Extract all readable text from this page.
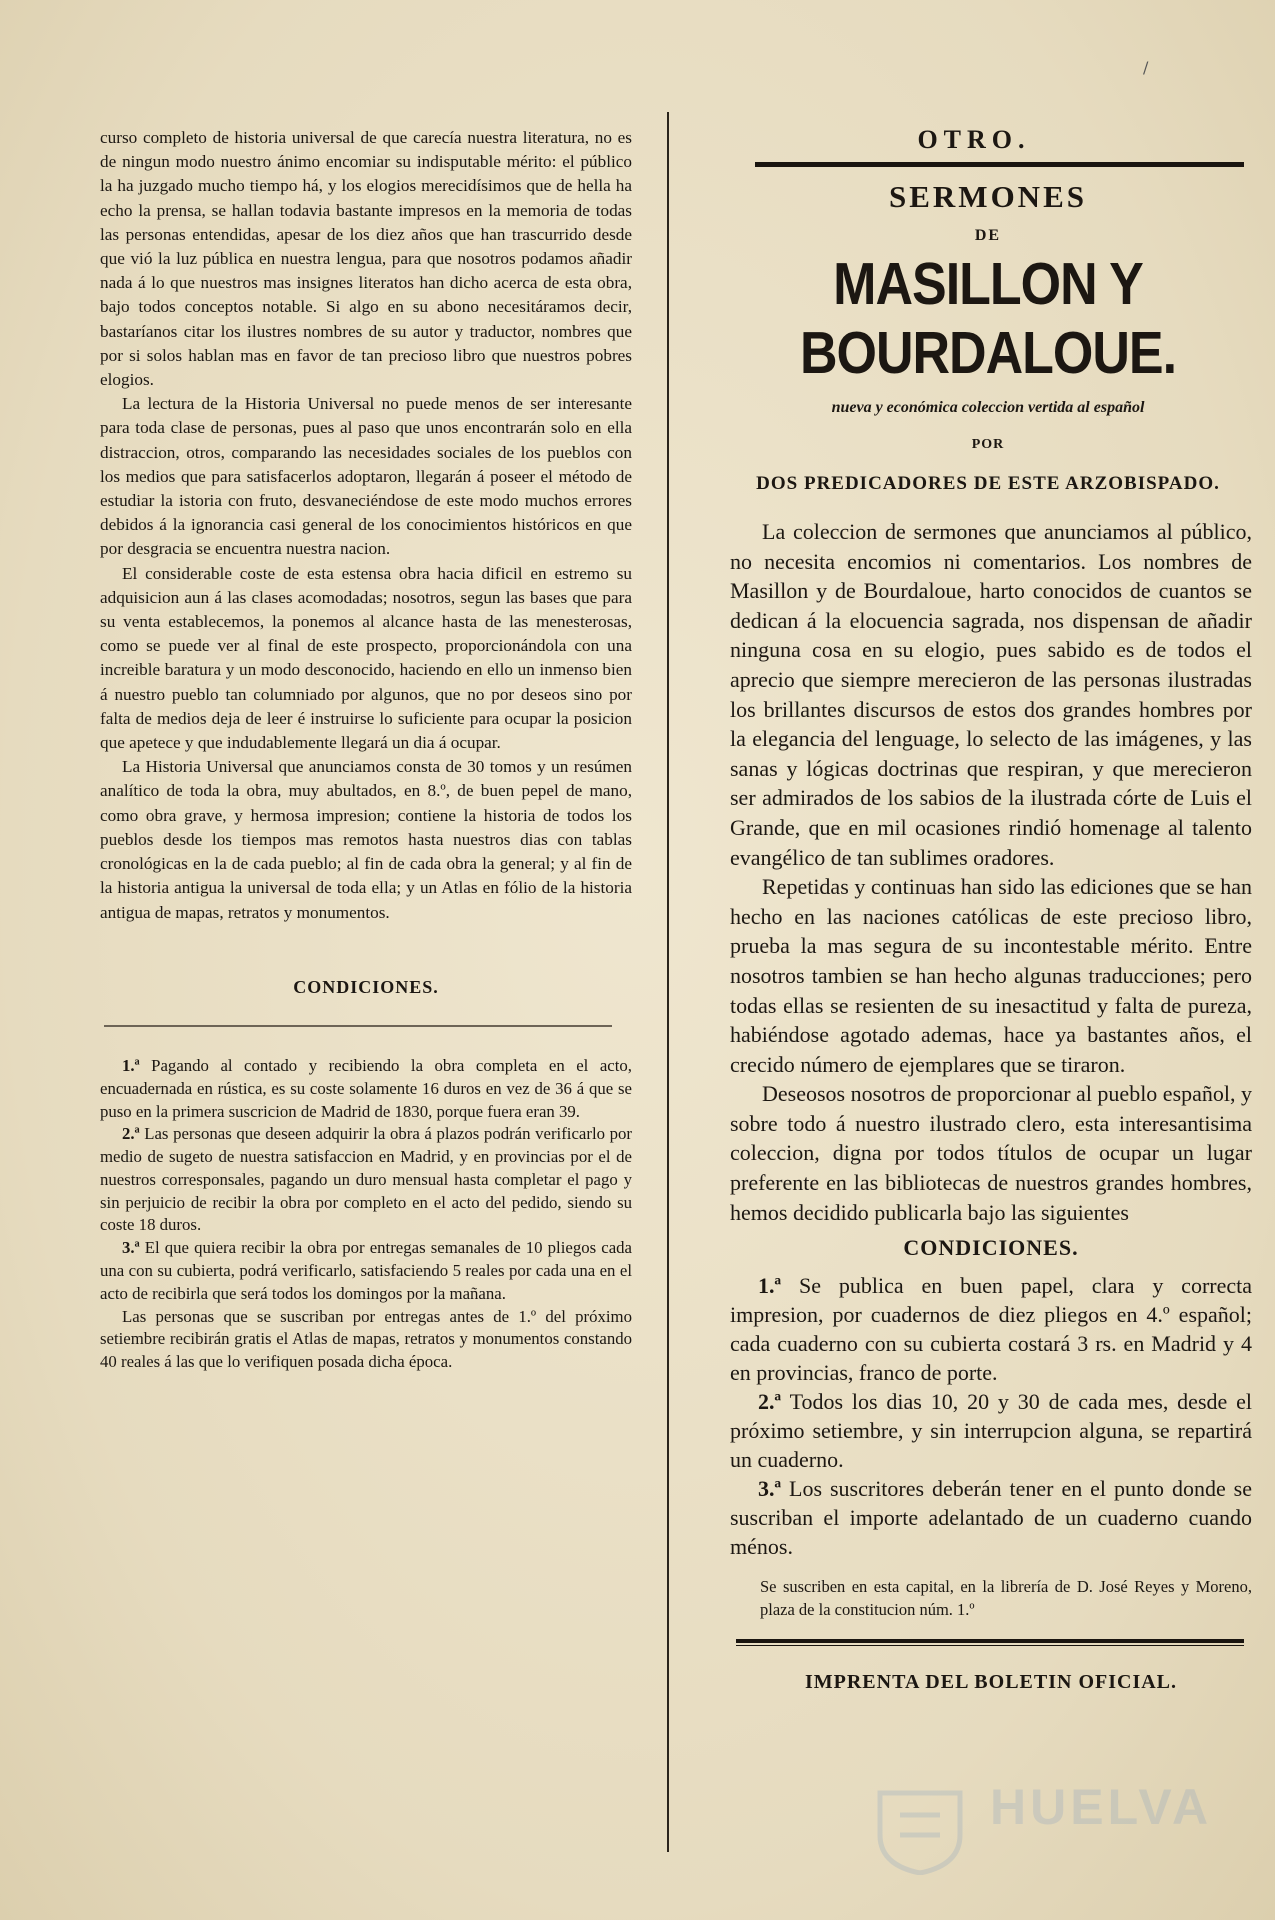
/

curso completo de historia universal de que carecía nuestra literatura, no es de ningun modo nuestro ánimo encomiar su indisputable mérito: el público la ha juzgado mucho tiempo há, y los elogios merecidísimos que de hella ha echo la prensa, se hallan todavia bastante impresos en la memoria de todas las personas entendidas, apesar de los diez años que han trascurrido desde que vió la luz pública en nuestra lengua, para que nosotros podamos añadir nada á lo que nuestros mas insignes literatos han dicho acerca de esta obra, bajo todos conceptos notable. Si algo en su abono necesitáramos decir, bastaríanos citar los ilustres nombres de su autor y traductor, nombres que por si solos hablan mas en favor de tan precioso libro que nuestros pobres elogios.

La lectura de la Historia Universal no puede menos de ser interesante para toda clase de personas, pues al paso que unos encontrarán solo en ella distraccion, otros, comparando las necesidades sociales de los pueblos con los medios que para satisfacerlos adoptaron, llegarán á poseer el método de estudiar la istoria con fruto, desvaneciéndose de este modo muchos errores debidos á la ignorancia casi general de los conocimientos históricos en que por desgracia se encuentra nuestra nacion.

El considerable coste de esta estensa obra hacia dificil en estremo su adquisicion aun á las clases acomodadas; nosotros, segun las bases que para su venta establecemos, la ponemos al alcance hasta de las menesterosas, como se puede ver al final de este prospecto, proporcionándola con una increible baratura y un modo desconocido, haciendo en ello un inmenso bien á nuestro pueblo tan columniado por algunos, que no por deseos sino por falta de medios deja de leer é instruirse lo suficiente para ocupar la posicion que apetece y que indudablemente llegará un dia á ocupar.

La Historia Universal que anunciamos consta de 30 tomos y un resúmen analítico de toda la obra, muy abultados, en 8.º, de buen pepel de mano, como obra grave, y hermosa impresion; contiene la historia de todos los pueblos desde los tiempos mas remotos hasta nuestros dias con tablas cronológicas en la de cada pueblo; al fin de cada obra la general; y al fin de la historia antigua la universal de toda ella; y un Atlas en fólio de la historia antigua de mapas, retratos y monumentos.

CONDICIONES.

1.ª Pagando al contado y recibiendo la obra completa en el acto, encuadernada en rústica, es su coste solamente 16 duros en vez de 36 á que se puso en la primera suscricion de Madrid de 1830, porque fuera eran 39.

2.ª Las personas que deseen adquirir la obra á plazos podrán verificarlo por medio de sugeto de nuestra satisfaccion en Madrid, y en provincias por el de nuestros corresponsales, pagando un duro mensual hasta completar el pago y sin perjuicio de recibir la obra por completo en el acto del pedido, siendo su coste 18 duros.

3.ª El que quiera recibir la obra por entregas semanales de 10 pliegos cada una con su cubierta, podrá verificarlo, satisfaciendo 5 reales por cada una en el acto de recibirla que será todos los domingos por la mañana.

Las personas que se suscriban por entregas antes de 1.º del próximo setiembre recibirán gratis el Atlas de mapas, retratos y monumentos constando 40 reales á las que lo verifiquen posada dicha época.

OTRO.
SERMONES
DE
MASILLON Y BOURDALOUE.
nueva y económica coleccion vertida al español
POR
DOS PREDICADORES DE ESTE ARZOBISPADO.

La coleccion de sermones que anunciamos al público, no necesita encomios ni comentarios. Los nombres de Masillon y de Bourdaloue, harto conocidos de cuantos se dedican á la elocuencia sagrada, nos dispensan de añadir ninguna cosa en su elogio, pues sabido es de todos el aprecio que siempre merecieron de las personas ilustradas los brillantes discursos de estos dos grandes hombres por la elegancia del lenguage, lo selecto de las imágenes, y las sanas y lógicas doctrinas que respiran, y que merecieron ser admirados de los sabios de la ilustrada córte de Luis el Grande, que en mil ocasiones rindió homenage al talento evangélico de tan sublimes oradores.

Repetidas y continuas han sido las ediciones que se han hecho en las naciones católicas de este precioso libro, prueba la mas segura de su incontestable mérito. Entre nosotros tambien se han hecho algunas traducciones; pero todas ellas se resienten de su inesactitud y falta de pureza, habiéndose agotado ademas, hace ya bastantes años, el crecido número de ejemplares que se tiraron.

Deseosos nosotros de proporcionar al pueblo español, y sobre todo á nuestro ilustrado clero, esta interesantisima coleccion, digna por todos títulos de ocupar un lugar preferente en las bibliotecas de nuestros grandes hombres, hemos decidido publicarla bajo las siguientes

CONDICIONES.

1.ª Se publica en buen papel, clara y correcta impresion, por cuadernos de diez pliegos en 4.º español; cada cuaderno con su cubierta costará 3 rs. en Madrid y 4 en provincias, franco de porte.

2.ª Todos los dias 10, 20 y 30 de cada mes, desde el próximo setiembre, y sin interrupcion alguna, se repartirá un cuaderno.

3.ª Los suscritores deberán tener en el punto donde se suscriban el importe adelantado de un cuaderno cuando ménos.

Se suscriben en esta capital, en la librería de D. José Reyes y Moreno, plaza de la constitucion núm. 1.º
IMPRENTA DEL BOLETIN OFICIAL.
HUELVA
